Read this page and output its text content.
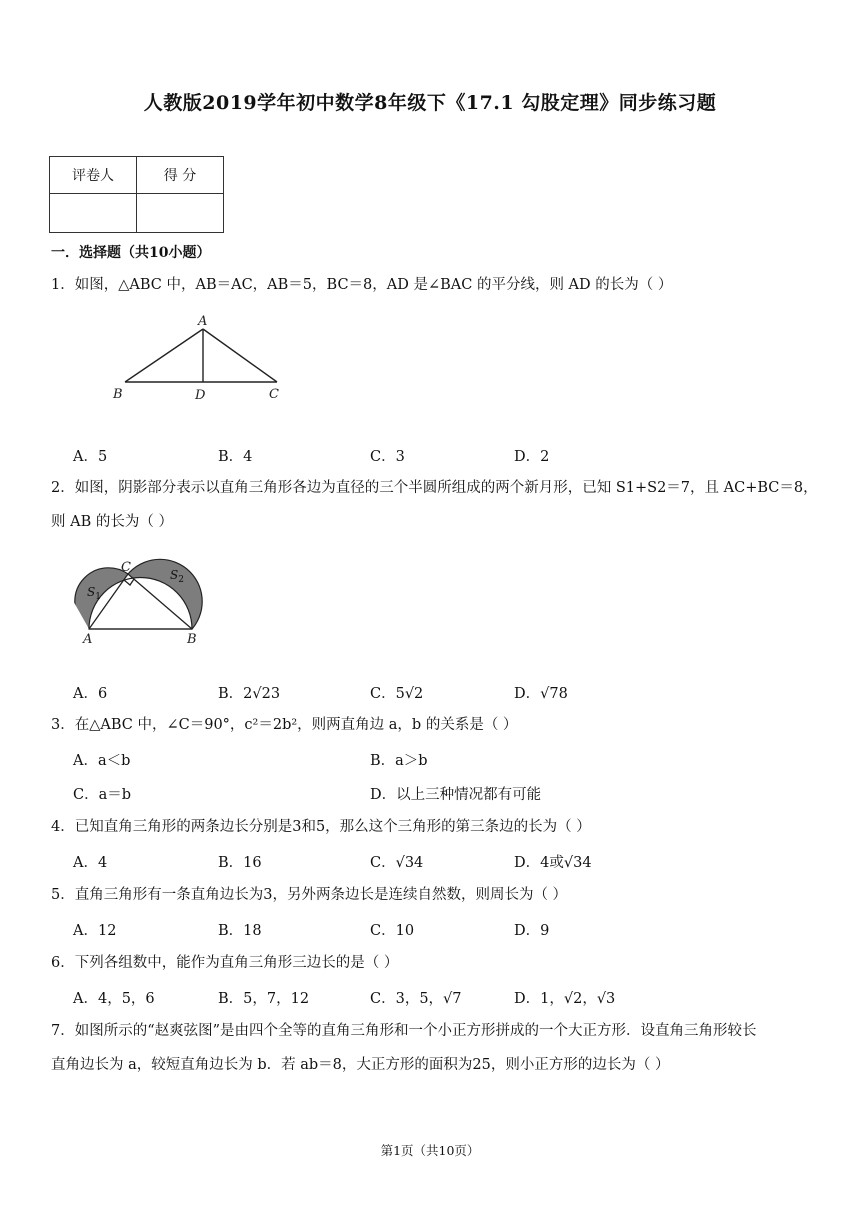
人教版2019学年初中数学8年级下《17.1 勾股定理》同步练习题
评卷人	得 分

一．选择题（共10小题）
1．如图，△ABC 中，AB＝AC，AB＝5，BC＝8，AD 是∠BAC 的平分线，则 AD 的长为（ ）
A
B	D	C
A．5	B．4	C．3	D．2
2．如图，阴影部分表示以直角三角形各边为直径的三个半圆所组成的两个新月形，已知 S1+S2＝7，且 AC+BC＝8，
则 AB 的长为（ ）
C
A	B
$S_1$
$S_2$
A．6	B．2√23	C．5√2	D．√78
3．在△ABC 中，∠C＝90°，c²＝2b²，则两直角边 a，b 的关系是（ ）
A．a＜b	B．a＞b
C．a＝b	D．以上三种情况都有可能
4．已知直角三角形的两条边长分别是3和5，那么这个三角形的第三条边的长为（ ）
A．4	B．16	C．√34	D．4或√34
5．直角三角形有一条直角边长为3，另外两条边长是连续自然数，则周长为（ ）
A．12	B．18	C．10	D．9
6．下列各组数中，能作为直角三角形三边长的是（ ）
A．4，5，6	B．5，7，12	C．3，5，√7	D．1，√2，√3
7．如图所示的“赵爽弦图”是由四个全等的直角三角形和一个小正方形拼成的一个大正方形．设直角三角形较长
直角边长为 a，较短直角边长为 b．若 ab＝8，大正方形的面积为25，则小正方形的边长为（ ）
第1页（共10页）
